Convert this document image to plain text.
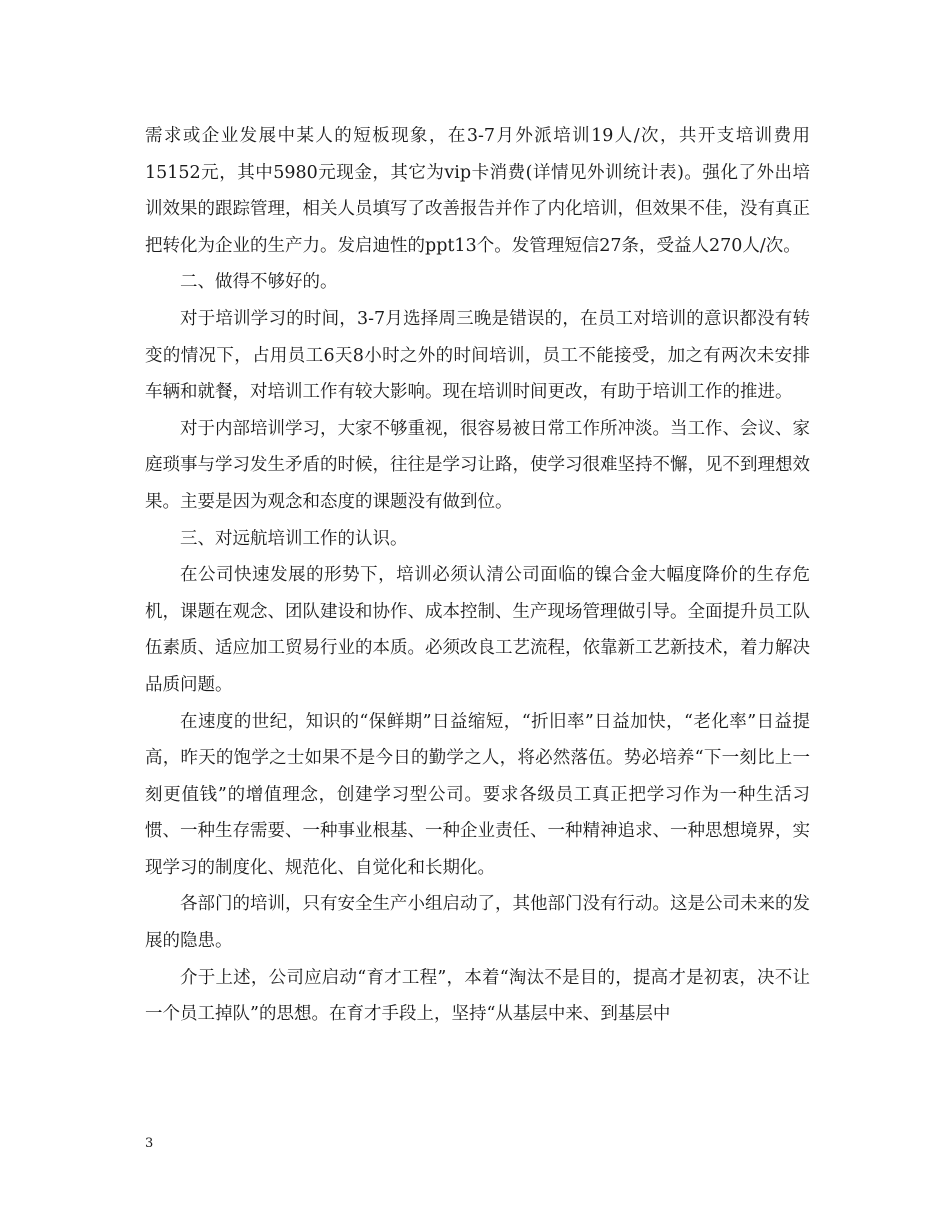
需求或企业发展中某人的短板现象，在3-7月外派培训19人/次，共开支培训费用15152元，其中5980元现金，其它为vip卡消费(详情见外训统计表)。强化了外出培训效果的跟踪管理，相关人员填写了改善报告并作了内化培训，但效果不佳，没有真正把转化为企业的生产力。发启迪性的ppt13个。发管理短信27条，受益人270人/次。

二、做得不够好的。

对于培训学习的时间，3-7月选择周三晚是错误的，在员工对培训的意识都没有转变的情况下，占用员工6天8小时之外的时间培训，员工不能接受，加之有两次未安排车辆和就餐，对培训工作有较大影响。现在培训时间更改，有助于培训工作的推进。

对于内部培训学习，大家不够重视，很容易被日常工作所冲淡。当工作、会议、家庭琐事与学习发生矛盾的时候，往往是学习让路，使学习很难坚持不懈，见不到理想效果。主要是因为观念和态度的课题没有做到位。

三、对远航培训工作的认识。

在公司快速发展的形势下，培训必须认清公司面临的镍合金大幅度降价的生存危机，课题在观念、团队建设和协作、成本控制、生产现场管理做引导。全面提升员工队伍素质、适应加工贸易行业的本质。必须改良工艺流程，依靠新工艺新技术，着力解决品质问题。

在速度的世纪，知识的“保鲜期”日益缩短，“折旧率”日益加快，“老化率”日益提高，昨天的饱学之士如果不是今日的勤学之人，将必然落伍。势必培养“下一刻比上一刻更值钱”的增值理念，创建学习型公司。要求各级员工真正把学习作为一种生活习惯、一种生存需要、一种事业根基、一种企业责任、一种精神追求、一种思想境界，实现学习的制度化、规范化、自觉化和长期化。

各部门的培训，只有安全生产小组启动了，其他部门没有行动。这是公司未来的发展的隐患。

介于上述，公司应启动“育才工程”，本着“淘汰不是目的，提高才是初衷，决不让一个员工掉队”的思想。在育才手段上，坚持“从基层中来、到基层中

3
